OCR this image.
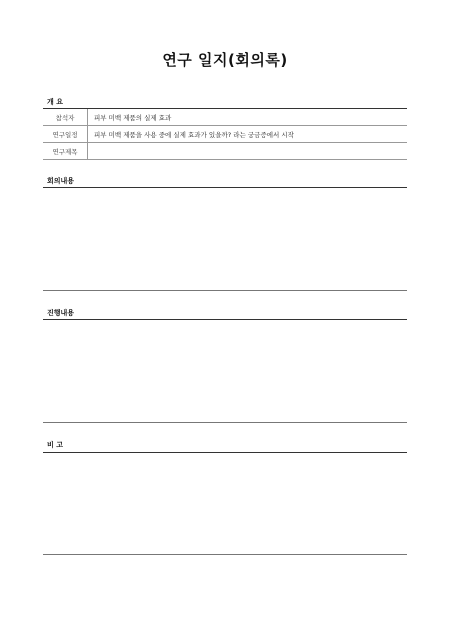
연구 일지(회의록)
개 요
참석자	피부 미백 제품의 실제 효과
연구일정	피부 미백 제품을 사용 중에 실제 효과가 있을까? 라는 궁금증에서 시작
연구제목	
회의내용
진행내용
비 고
